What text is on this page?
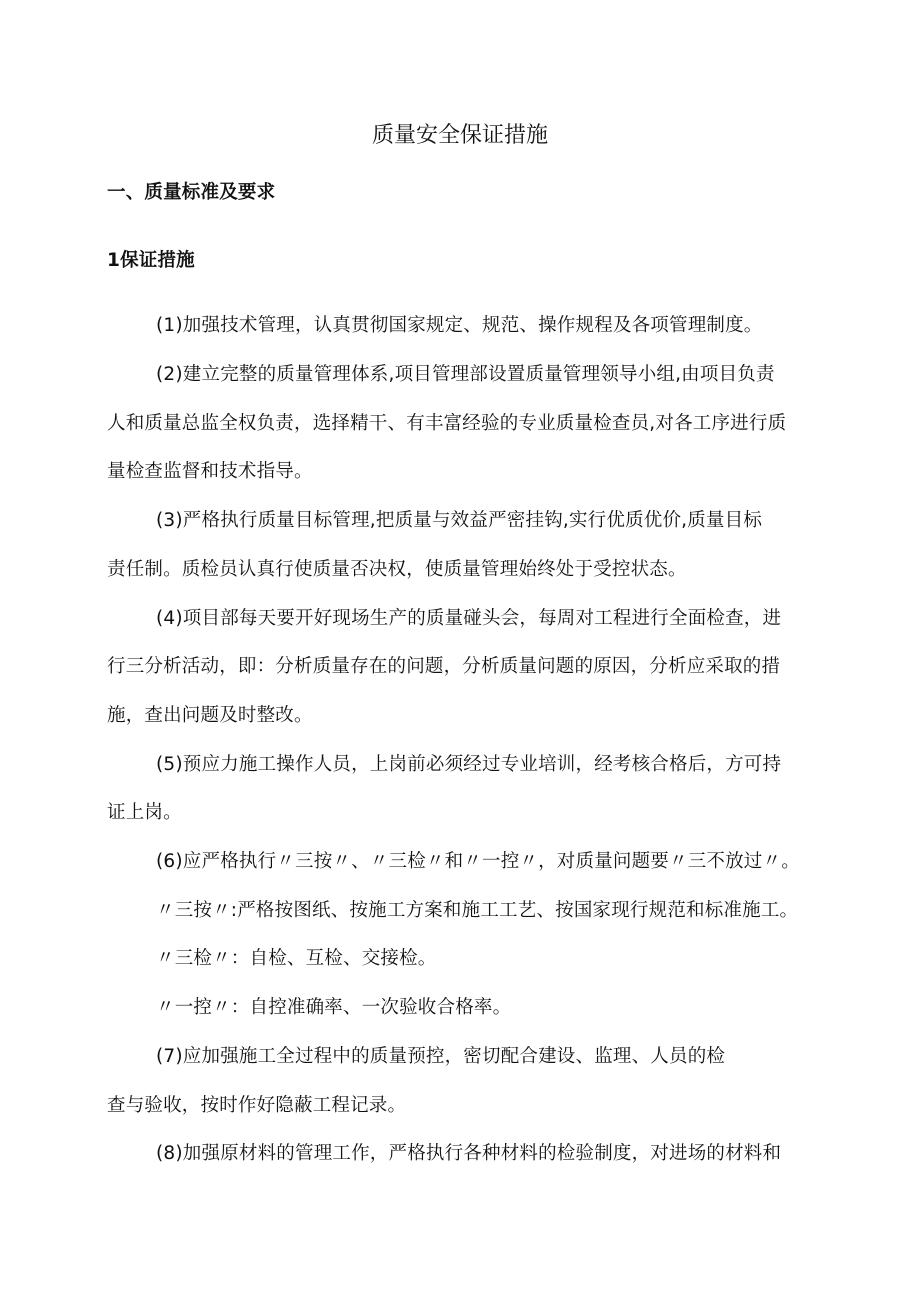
质量安全保证措施
一、质量标准及要求
1保证措施
(1)加强技术管理，认真贯彻国家规定、规范、操作规程及各项管理制度。
(2)建立完整的质量管理体系,项目管理部设置质量管理领导小组,由项目负责
人和质量总监全权负责，选择精干、有丰富经验的专业质量检查员,对各工序进行质
量检查监督和技术指导。
(3)严格执行质量目标管理,把质量与效益严密挂钩,实行优质优价,质量目标
责任制。质检员认真行使质量否决权，使质量管理始终处于受控状态。
(4)项目部每天要开好现场生产的质量碰头会，每周对工程进行全面检查，进
行三分析活动，即：分析质量存在的问题，分析质量问题的原因，分析应采取的措
施，查出问题及时整改。
(5)预应力施工操作人员，上岗前必须经过专业培训，经考核合格后，方可持
证上岗。
(6)应严格执行〃三按〃、〃三检〃和〃一控〃，对质量问题要〃三不放过〃。
〃三按〃:严格按图纸、按施工方案和施工工艺、按国家现行规范和标准施工。
〃三检〃：自检、互检、交接检。
〃一控〃：自控准确率、一次验收合格率。
(7)应加强施工全过程中的质量预控，密切配合建设、监理、人员的检
查与验收，按时作好隐蔽工程记录。
(8)加强原材料的管理工作，严格执行各种材料的检验制度，对进场的材料和
